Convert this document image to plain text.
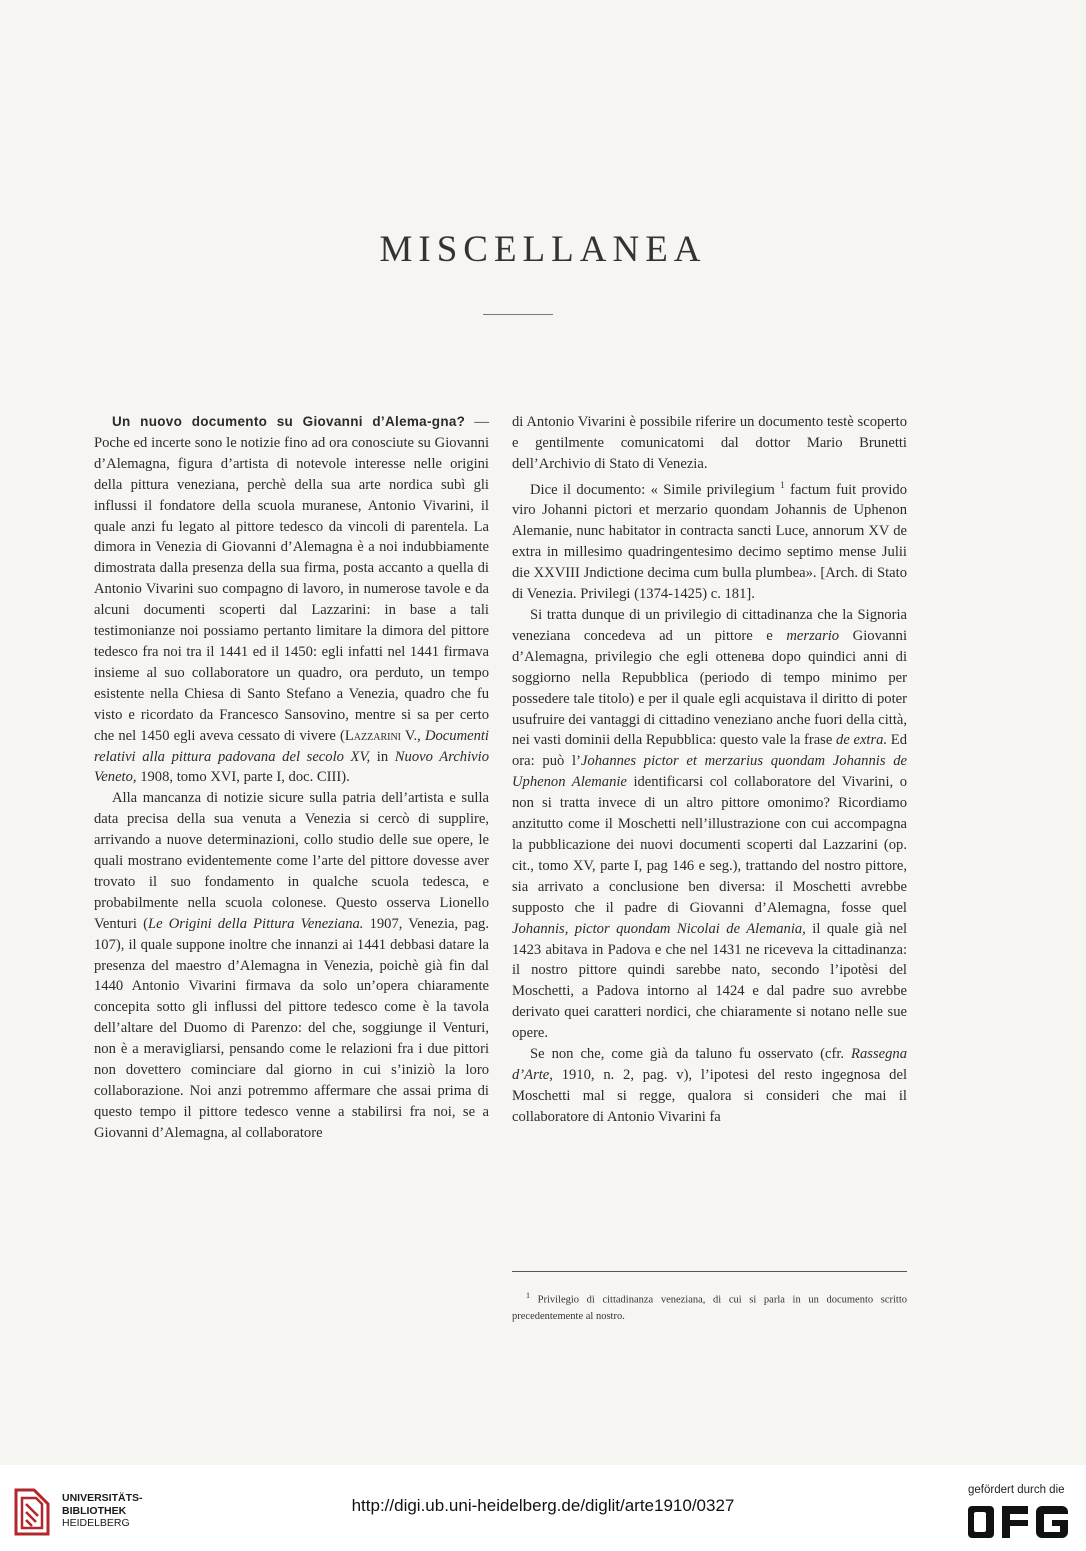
MISCELLANEA

Un nuovo documento su Giovanni d’Alema-gna? — Poche ed incerte sono le notizie fino ad ora conosciute su Giovanni d’Alemagna, figura d’artista di notevole interesse nelle origini della pittura veneziana, perchè della sua arte nordica subì gli influssi il fondatore della scuola muranese, Antonio Vivarini, il quale anzi fu legato al pittore tedesco da vincoli di parentela. La dimora in Venezia di Giovanni d’Alemagna è a noi indubbiamente dimostrata dalla presenza della sua firma, posta accanto a quella di Antonio Vivarini suo compagno di lavoro, in numerose tavole e da alcuni documenti scoperti dal Lazzarini: in base a tali testimonianze noi possiamo pertanto limitare la dimora del pittore tedesco fra noi tra il 1441 ed il 1450: egli infatti nel 1441 firmava insieme al suo collaboratore un quadro, ora perduto, un tempo esistente nella Chiesa di Santo Stefano a Venezia, quadro che fu visto e ricordato da Francesco Sansovino, mentre si sa per certo che nel 1450 egli aveva cessato di vivere (Lazzarini V., Documenti relativi alla pittura padovana del secolo XV, in Nuovo Archivio Veneto, 1908, tomo XVI, parte I, doc. CIII).

Alla mancanza di notizie sicure sulla patria dell’artista e sulla data precisa della sua venuta a Venezia si cercò di supplire, arrivando a nuove determinazioni, collo studio delle sue opere, le quali mostrano evidentemente come l’arte del pittore dovesse aver trovato il suo fondamento in qualche scuola tedesca, e probabilmente nella scuola colonese. Questo osserva Lionello Venturi (Le Origini della Pittura Veneziana. 1907, Venezia, pag. 107), il quale suppone inoltre che innanzi ai 1441 debbasi datare la presenza del maestro d’Alemagna in Venezia, poichè già fin dal 1440 Antonio Vivarini firmava da solo un’opera chiaramente concepita sotto gli influssi del pittore tedesco come è la tavola dell’altare del Duomo di Parenzo: del che, soggiunge il Venturi, non è a meravigliarsi, pensando come le relazioni fra i due pittori non dovettero cominciare dal giorno in cui s’iniziò la loro collaborazione. Noi anzi potremmo affermare che assai prima di questo tempo il pittore tedesco venne a stabilirsi fra noi, se a Giovanni d’Alemagna, al collaboratore

di Antonio Vivarini è possibile riferire un documento testè scoperto e gentilmente comunicatomi dal dottor Mario Brunetti dell’Archivio di Stato di Venezia.

Dice il documento: « Simile privilegium $^1$ factum fuit provido viro Johanni pictori et merzario quondam Johannis de Uphenon Alemanie, nunc habitator in contracta sancti Luce, annorum XV de extra in millesimo quadringentesimo decimo septimo mense Julii die XXVIII Jndictione decima cum bulla plumbea». [Arch. di Stato di Venezia. Privilegi (1374-1425) c. 181].

Si tratta dunque di un privilegio di cittadinanza che la Signoria veneziana concedeva ad un pittore e merzario Giovanni d’Alemagna, privilegio che egli ottenева dopo quindici anni di soggiorno nella Repubblica (periodo di tempo minimo per possedere tale titolo) e per il quale egli acquistava il diritto di poter usufruire dei vantaggi di cittadino veneziano anche fuori della città, nei vasti dominii della Repubblica: questo vale la frase de extra. Ed ora: può l’Johannes pictor et merzarius quondam Johannis de Uphenon Alemanie identificarsi col collaboratore del Vivarini, o non si tratta invece di un altro pittore omonimo? Ricordiamo anzitutto come il Moschetti nell’illustrazione con cui accompagna la pubblicazione dei nuovi documenti scoperti dal Lazzarini (op. cit., tomo XV, parte I, pag 146 e seg.), trattando del nostro pittore, sia arrivato a conclusione ben diversa: il Moschetti avrebbe supposto che il padre di Giovanni d’Alemagna, fosse quel Johannis, pictor quondam Nicolai de Alemania, il quale già nel 1423 abitava in Padova e che nel 1431 ne riceveva la cittadinanza: il nostro pittore quindi sarebbe nato, secondo l’ipotèsi del Moschetti, a Padova intorno al 1424 e dal padre suo avrebbe derivato quei caratteri nordici, che chiaramente si notano nelle sue opere.

Se non che, come già da taluno fu osservato (cfr. Rassegna d’Arte, 1910, n. 2, pag. v), l’ipotesi del resto ingegnosa del Moschetti mal si regge, qualora si consideri che mai il collaboratore di Antonio Vivarini fa

$^1$ Privilegio di cittadinanza veneziana, di cui si parla in un documento scritto precedentemente al nostro.
UNIVERSITÄTS-
BIBLIOTHEK
HEIDELBERG
http://digi.ub.uni-heidelberg.de/diglit/arte1910/0327
gefördert durch die
